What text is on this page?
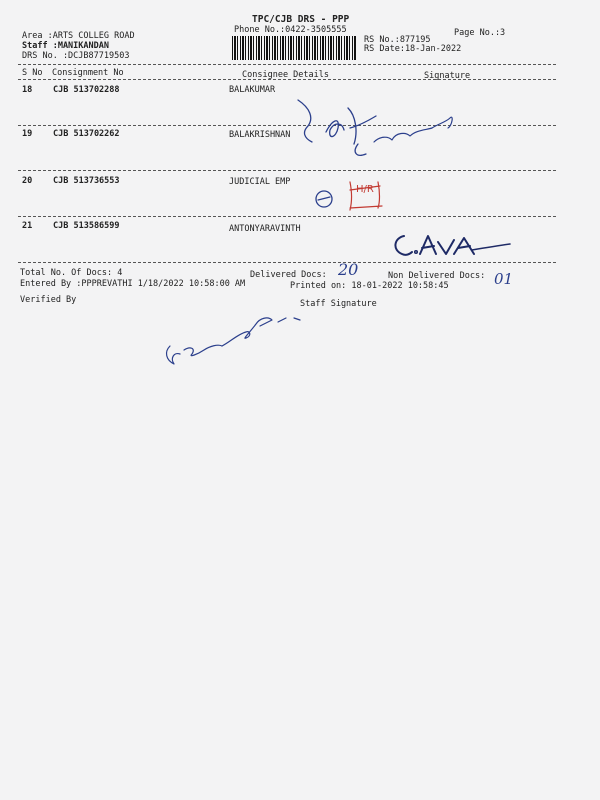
TPC/CJB DRS - PPP
Phone No.:0422-3505555	Page No.:3
Area :ARTS COLLEG ROAD
Staff :MANIKANDAN
DRS No. :DCJB87719503
RS No.:877195
RS Date:18-Jan-2022
S No Consignment No	Consignee Details	Signature
18 CJB 513702288	BALAKUMAR
19 CJB 513702262	BALAKRISHNAN
20 CJB 513736553	JUDICIAL EMP
21 CJB 513586599	ANTONYARAVINTH
Total No. Of Docs: 4	Delivered Docs: 20	Non Delivered Docs: 01
Entered By :PPPREVATHI 1/18/2022 10:58:00 AM	Printed on: 18-01-2022 10:58:45
Verified By	Staff Signature
H/R
